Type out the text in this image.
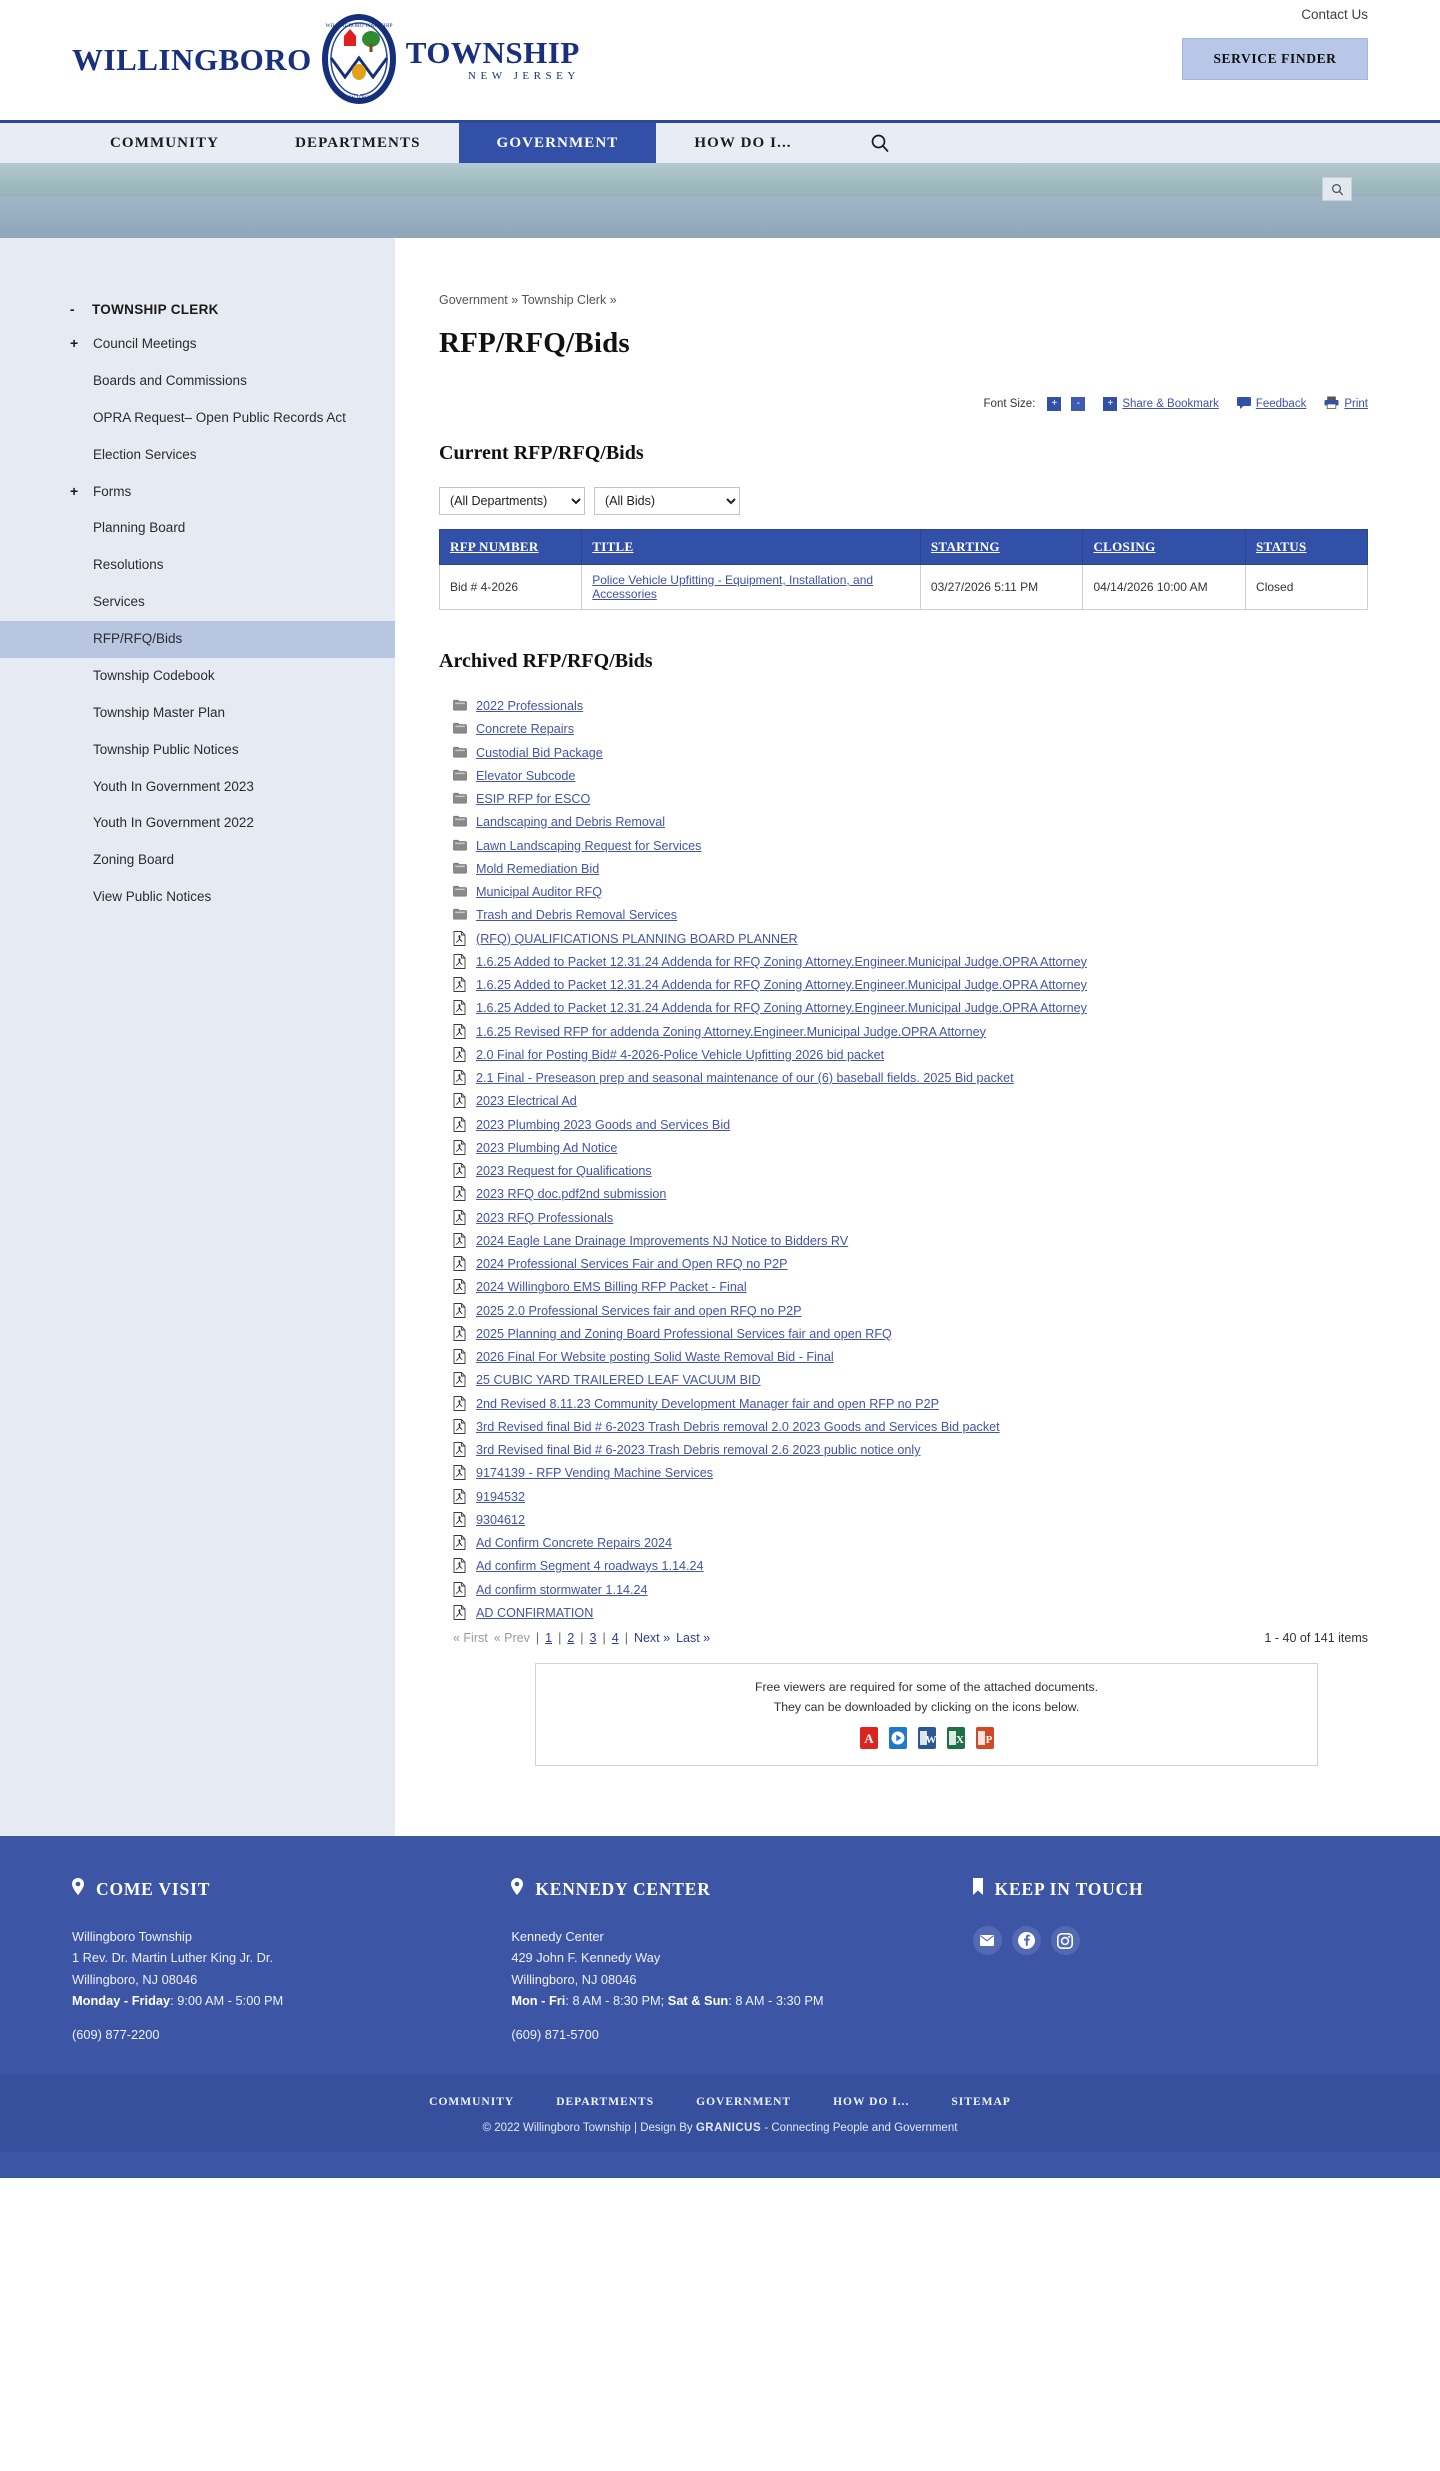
WILLINGBORO
WILLINGBORO TOWNSHIP
NEW JERSEY
TOWNSHIP
NEW JERSEY
Contact Us
SERVICE FINDER
COMMUNITY	DEPARTMENTS	GOVERNMENT	HOW DO I...
-	TOWNSHIP CLERK
+ Council Meetings
Boards and Commissions
OPRA Request– Open Public Records Act
Election Services
+ Forms
Planning Board
Resolutions
Services
RFP/RFQ/Bids
Township Codebook
Township Master Plan
Township Public Notices
Youth In Government 2023
Youth In Government 2022
Zoning Board
View Public Notices
Government » Township Clerk »
RFP/RFQ/Bids
Font Size:	+	-	+ Share & Bookmark	Feedback	Print
Current RFP/RFQ/Bids
(All Departments)
(All Bids)
RFP NUMBER	TITLE	STARTING	CLOSING	STATUS
Bid # 4-2026	Police Vehicle Upfitting - Equipment, Installation, and Accessories	03/27/2026 5:11 PM	04/14/2026 10:00 AM	Closed
Archived RFP/RFQ/Bids
2022 Professionals
Concrete Repairs
Custodial Bid Package
Elevator Subcode
ESIP RFP for ESCO
Landscaping and Debris Removal
Lawn Landscaping Request for Services
Mold Remediation Bid
Municipal Auditor RFQ
Trash and Debris Removal Services
(RFQ) QUALIFICATIONS PLANNING BOARD PLANNER
1.6.25 Added to Packet 12.31.24 Addenda for RFQ Zoning Attorney.Engineer.Municipal Judge.OPRA Attorney
1.6.25 Added to Packet 12.31.24 Addenda for RFQ Zoning Attorney.Engineer.Municipal Judge.OPRA Attorney
1.6.25 Added to Packet 12.31.24 Addenda for RFQ Zoning Attorney.Engineer.Municipal Judge.OPRA Attorney
1.6.25 Revised RFP for addenda Zoning Attorney.Engineer.Municipal Judge.OPRA Attorney
2.0 Final for Posting Bid# 4-2026-Police Vehicle Upfitting 2026 bid packet
2.1 Final - Preseason prep and seasonal maintenance of our (6) baseball fields. 2025 Bid packet
2023 Electrical Ad
2023 Plumbing 2023 Goods and Services Bid
2023 Plumbing Ad Notice
2023 Request for Qualifications
2023 RFQ doc.pdf2nd submission
2023 RFQ Professionals
2024 Eagle Lane Drainage Improvements NJ Notice to Bidders RV
2024 Professional Services Fair and Open RFQ no P2P
2024 Willingboro EMS Billing RFP Packet - Final
2025 2.0 Professional Services fair and open RFQ no P2P
2025 Planning and Zoning Board Professional Services fair and open RFQ
2026 Final For Website posting Solid Waste Removal Bid - Final
25 CUBIC YARD TRAILERED LEAF VACUUM BID
2nd Revised 8.11.23 Community Development Manager fair and open RFP no P2P
3rd Revised final Bid # 6-2023 Trash Debris removal 2.0 2023 Goods and Services Bid packet
3rd Revised final Bid # 6-2023 Trash Debris removal 2.6 2023 public notice only
9174139 - RFP Vending Machine Services
9194532
9304612
Ad Confirm Concrete Repairs 2024
Ad confirm Segment 4 roadways 1.14.24
Ad confirm stormwater 1.14.24
AD CONFIRMATION
« First « Prev | 1 | 2 | 3 | 4 | Next » Last »	1 - 40 of 141 items
Free viewers are required for some of the attached documents.
They can be downloaded by clicking on the icons below.
A	W X P
COME VISIT
Willingboro Township
1 Rev. Dr. Martin Luther King Jr. Dr.
Willingboro, NJ 08046
Monday - Friday: 9:00 AM - 5:00 PM
(609) 877-2200
KENNEDY CENTER
Kennedy Center
429 John F. Kennedy Way
Willingboro, NJ 08046
Mon - Fri: 8 AM - 8:30 PM; Sat & Sun: 8 AM - 3:30 PM
(609) 871-5700
KEEP IN TOUCH
COMMUNITY	DEPARTMENTS	GOVERNMENT	HOW DO I...	SITEMAP
© 2022 Willingboro Township | Design By GRANICUS - Connecting People and Government
